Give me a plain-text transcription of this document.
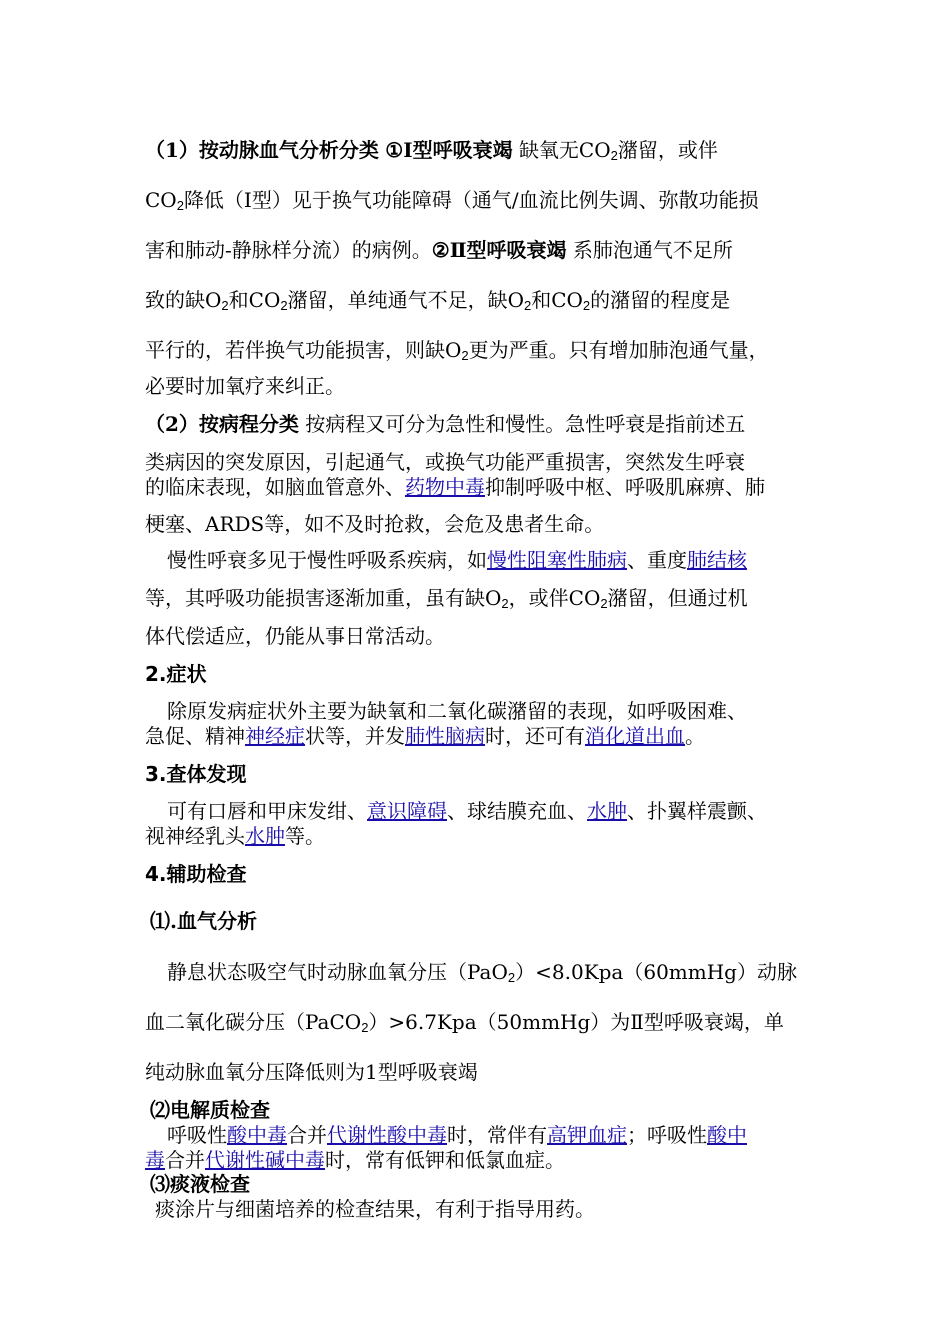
（1）按动脉血气分析分类 ①Ⅰ型呼吸衰竭 缺氧无$CO_2$潴留，或伴
$CO_2$降低（Ⅰ型）见于换气功能障碍（通气/血流比例失调、弥散功能损
害和肺动-静脉样分流）的病例。②Ⅱ型呼吸衰竭 系肺泡通气不足所
致的缺$O_2$和$CO_2$潴留，单纯通气不足，缺$O_2$和$CO_2$的潴留的程度是
平行的，若伴换气功能损害，则缺$O_2$更为严重。只有增加肺泡通气量，
必要时加氧疗来纠正。
（2）按病程分类 按病程又可分为急性和慢性。急性呼衰是指前述五
类病因的突发原因，引起通气，或换气功能严重损害，突然发生呼衰
的临床表现，如脑血管意外、药物中毒抑制呼吸中枢、呼吸肌麻痹、肺
梗塞、ARDS等，如不及时抢救，会危及患者生命。
慢性呼衰多见于慢性呼吸系疾病，如慢性阻塞性肺病、重度肺结核
等，其呼吸功能损害逐渐加重，虽有缺$O_2$，或伴$CO_2$潴留，但通过机
体代偿适应，仍能从事日常活动。
2.症状
除原发病症状外主要为缺氧和二氧化碳潴留的表现，如呼吸困难、
急促、精神神经症状等，并发肺性脑病时，还可有消化道出血。
3.查体发现
可有口唇和甲床发绀、意识障碍、球结膜充血、水肿、扑翼样震颤、
视神经乳头水肿等。
4.辅助检查
⑴.血气分析
静息状态吸空气时动脉血氧分压（PaO$_2$）<8.0Kpa（60mmHg）动脉
血二氧化碳分压（PaCO$_2$）>6.7Kpa（50mmHg）为Ⅱ型呼吸衰竭，单
纯动脉血氧分压降低则为1型呼吸衰竭
⑵电解质检查
呼吸性酸中毒合并代谢性酸中毒时，常伴有高钾血症；呼吸性酸中
毒合并代谢性碱中毒时，常有低钾和低氯血症。
⑶痰液检查
痰涂片与细菌培养的检查结果，有利于指导用药。
